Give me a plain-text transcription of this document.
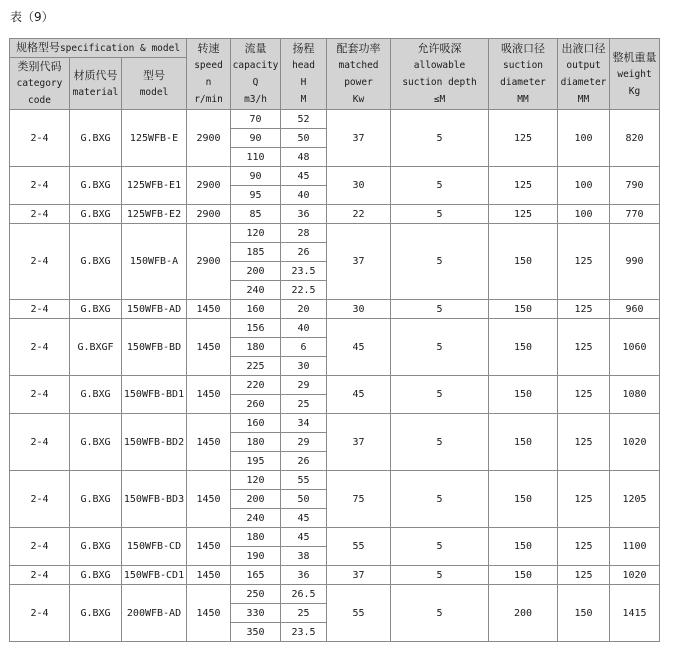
表（9）
规格型号specification & model			转速
speed
n
r/min	流量
capacity
Q
m3/h	扬程
head
H
M	配套功率
matched
power
Kw	允许吸深
allowable
suction depth
≤M	吸液口径
suction
diameter
MM	出液口径
output
diameter
MM	整机重量
weight
Kg

类别代码
category
code	材质代号
material	型号
model								

2-4	G.BXG	125WFB-E	2900	70	52	37	5	125	100	820
				90	50					
				110	48					
2-4	G.BXG	125WFB-E1	2900	90	45	30	5	125	100	790
				95	40					
2-4	G.BXG	125WFB-E2	2900	85	36	22	5	125	100	770
2-4	G.BXG	150WFB-A	2900	120	28	37	5	150	125	990
				185	26					
				200	23.5					
				240	22.5					
2-4	G.BXG	150WFB-AD	1450	160	20	30	5	150	125	960
2-4	G.BXGF	150WFB-BD	1450	156	40	45	5	150	125	1060
				180	6					
				225	30					
2-4	G.BXG	150WFB-BD1	1450	220	29	45	5	150	125	1080
				260	25					
2-4	G.BXG	150WFB-BD2	1450	160	34	37	5	150	125	1020
				180	29					
				195	26					
2-4	G.BXG	150WFB-BD3	1450	120	55	75	5	150	125	1205
				200	50					
				240	45					
2-4	G.BXG	150WFB-CD	1450	180	45	55	5	150	125	1100
				190	38					
2-4	G.BXG	150WFB-CD1	1450	165	36	37	5	150	125	1020
2-4	G.BXG	200WFB-AD	1450	250	26.5	55	5	200	150	1415
				330	25					
				350	23.5					
